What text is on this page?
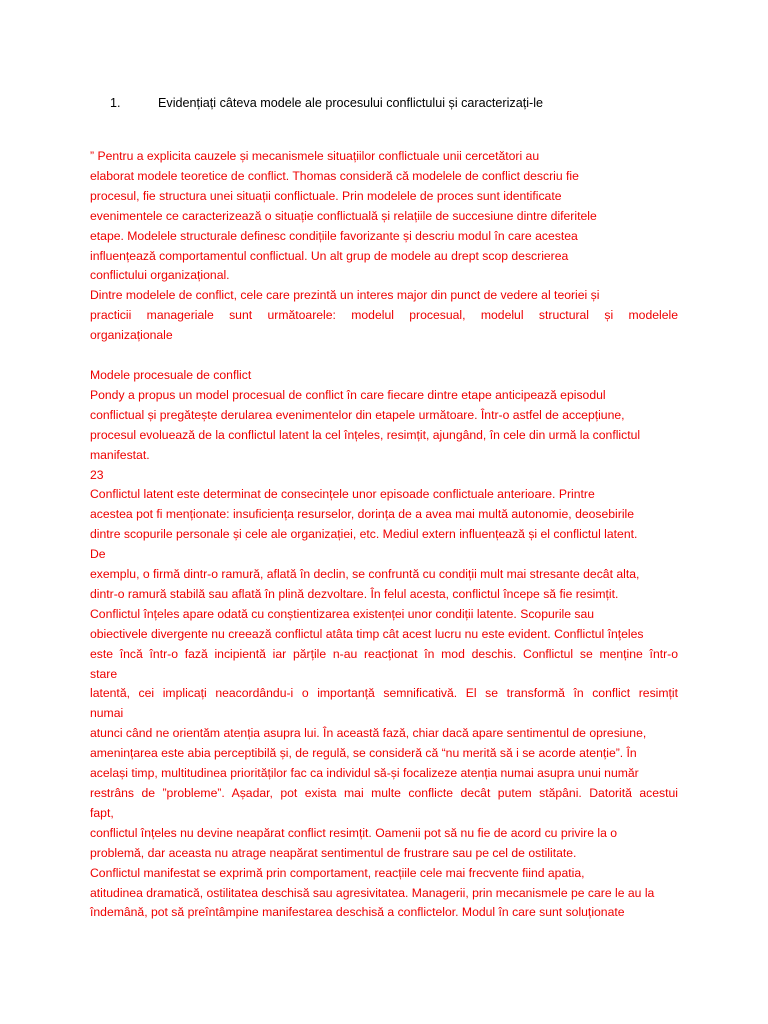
1.	Evidențiați câteva modele ale procesului conflictului și caracterizați-le
” Pentru a explicita cauzele și mecanismele situațiilor conflictuale unii cercetători au
elaborat modele teoretice de conflict. Thomas consideră că modelele de conflict descriu fie
procesul, fie structura unei situații conflictuale. Prin modelele de proces sunt identificate
evenimentele ce caracterizează o situație conflictuală și relațiile de succesiune dintre diferitele
etape. Modelele structurale definesc condițiile favorizante și descriu modul în care acestea
influențează comportamentul conflictual. Un alt grup de modele au drept scop descrierea
conflictului organizațional.
Dintre modelele de conflict, cele care prezintă un interes major din punct de vedere al teoriei și
practicii manageriale sunt următoarele: modelul procesual, modelul structural și modelele
organizaționale
Modele procesuale de conflict
Pondy a propus un model procesual de conflict în care fiecare dintre etape anticipează episodul
conflictual și pregătește derularea evenimentelor din etapele următoare. Într-o astfel de accepțiune,
procesul evoluează de la conflictul latent la cel înțeles, resimțit, ajungând, în cele din urmă la conflictul
manifestat.
23
Conflictul latent este determinat de consecințele unor episoade conflictuale anterioare. Printre
acestea pot fi menționate: insuficiența resurselor, dorința de a avea mai multă autonomie, deosebirile
dintre scopurile personale și cele ale organizației, etc. Mediul extern influențează și el conflictul latent.
De
exemplu, o firmă dintr-o ramură, aflată în declin, se confruntă cu condiții mult mai stresante decât alta,
dintr-o ramură stabilă sau aflată în plină dezvoltare. În felul acesta, conflictul începe să fie resimțit.
Conflictul înțeles apare odată cu conștientizarea existenței unor condiții latente. Scopurile sau
obiectivele divergente nu creează conflictul atâta timp cât acest lucru nu este evident. Conflictul înțeles
este încă într-o fază incipientă iar părțile n-au reacționat în mod deschis. Conflictul se menține într-o
stare
latentă, cei implicați neacordându-i o importanță semnificativă. El se transformă în conflict resimțit
numai
atunci când ne orientăm atenția asupra lui. În această fază, chiar dacă apare sentimentul de opresiune,
amenințarea este abia perceptibilă și, de regulă, se consideră că “nu merită să i se acorde atenție”. În
același timp, multitudinea priorităților fac ca individul să-și focalizeze atenția numai asupra unui număr
restrâns de ”probleme”. Așadar, pot exista mai multe conflicte decât putem stăpâni. Datorită acestui
fapt,
conflictul înțeles nu devine neapărat conflict resimțit. Oamenii pot să nu fie de acord cu privire la o
problemă, dar aceasta nu atrage neapărat sentimentul de frustrare sau pe cel de ostilitate.
Conflictul manifestat se exprimă prin comportament, reacțiile cele mai frecvente fiind apatia,
atitudinea dramatică, ostilitatea deschisă sau agresivitatea. Managerii, prin mecanismele pe care le au la
îndemână, pot să preîntâmpine manifestarea deschisă a conflictelor. Modul în care sunt soluționate
